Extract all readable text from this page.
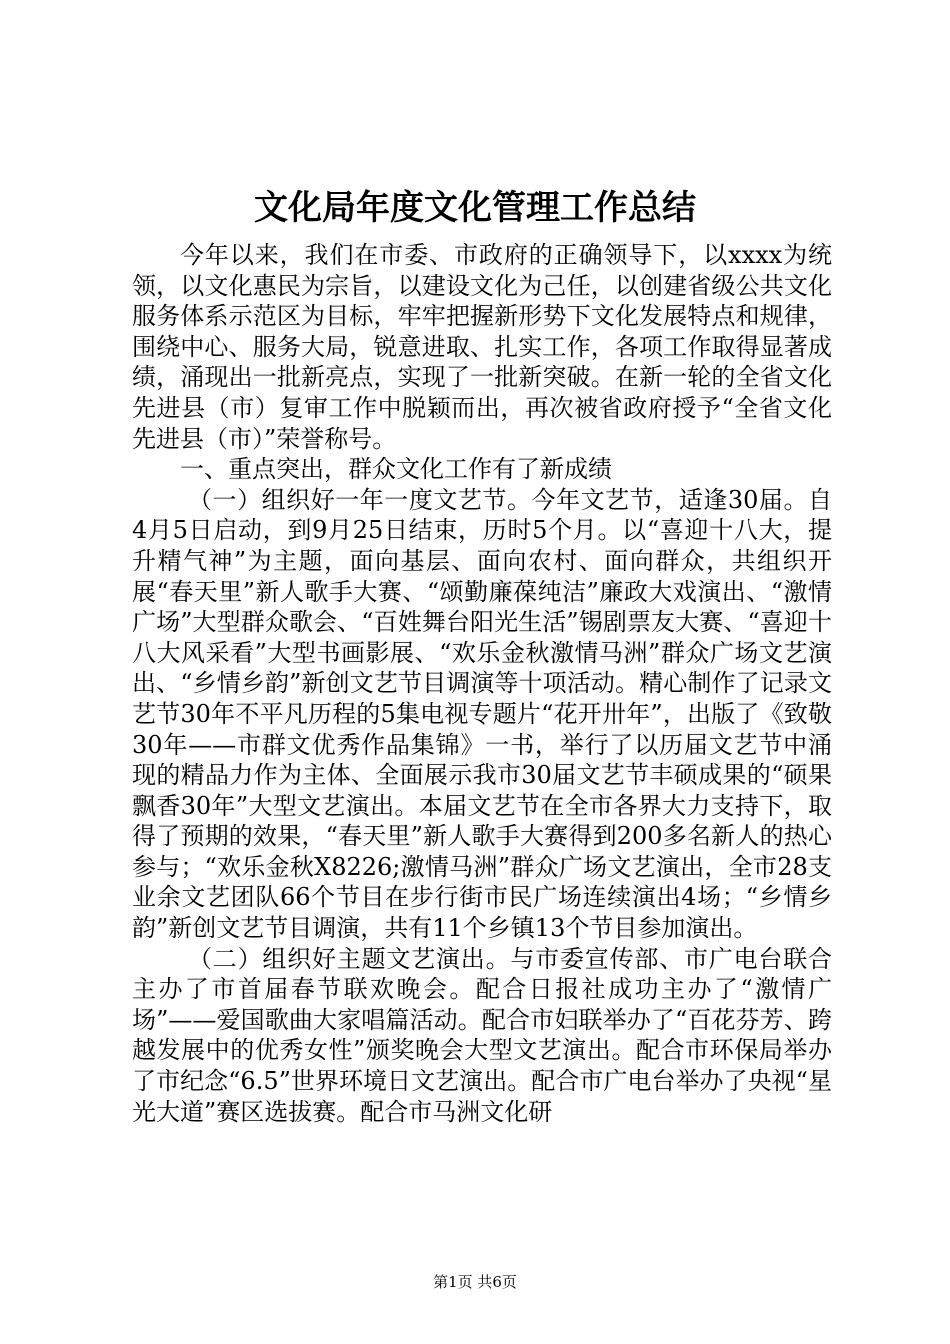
文化局年度文化管理工作总结

今年以来，我们在市委、市政府的正确领导下，以xxxx为统领，以文化惠民为宗旨，以建设文化为己任，以创建省级公共文化服务体系示范区为目标，牢牢把握新形势下文化发展特点和规律，围绕中心、服务大局，锐意进取、扎实工作，各项工作取得显著成绩，涌现出一批新亮点，实现了一批新突破。在新一轮的全省文化先进县（市）复审工作中脱颖而出，再次被省政府授予“全省文化先进县（市）”荣誉称号。

一、重点突出，群众文化工作有了新成绩

（一）组织好一年一度文艺节。今年文艺节，适逢30届。自4月5日启动，到9月25日结束，历时5个月。以“喜迎十八大，提升精气神”为主题，面向基层、面向农村、面向群众，共组织开展“春天里”新人歌手大赛、“颂勤廉葆纯洁”廉政大戏演出、“激情广场”大型群众歌会、“百姓舞台阳光生活”锡剧票友大赛、“喜迎十八大风采看”大型书画影展、“欢乐金秋激情马洲”群众广场文艺演出、“乡情乡韵”新创文艺节目调演等十项活动。精心制作了记录文艺节30年不平凡历程的5集电视专题片“花开卅年”，出版了《致敬30年——市群文优秀作品集锦》一书，举行了以历届文艺节中涌现的精品力作为主体、全面展示我市30届文艺节丰硕成果的“硕果飘香30年”大型文艺演出。本届文艺节在全市各界大力支持下，取得了预期的效果，“春天里”新人歌手大赛得到200多名新人的热心参与；“欢乐金秋X8226;激情马洲”群众广场文艺演出，全市28支业余文艺团队66个节目在步行街市民广场连续演出4场；“乡情乡韵”新创文艺节目调演，共有11个乡镇13个节目参加演出。

（二）组织好主题文艺演出。与市委宣传部、市广电台联合主办了市首届春节联欢晚会。配合日报社成功主办了“激情广场”——爱国歌曲大家唱篇活动。配合市妇联举办了“百花芬芳、跨越发展中的优秀女性”颁奖晚会大型文艺演出。配合市环保局举办了市纪念“6.5”世界环境日文艺演出。配合市广电台举办了央视“星光大道”赛区选拔赛。配合市马洲文化研

第1页 共6页
